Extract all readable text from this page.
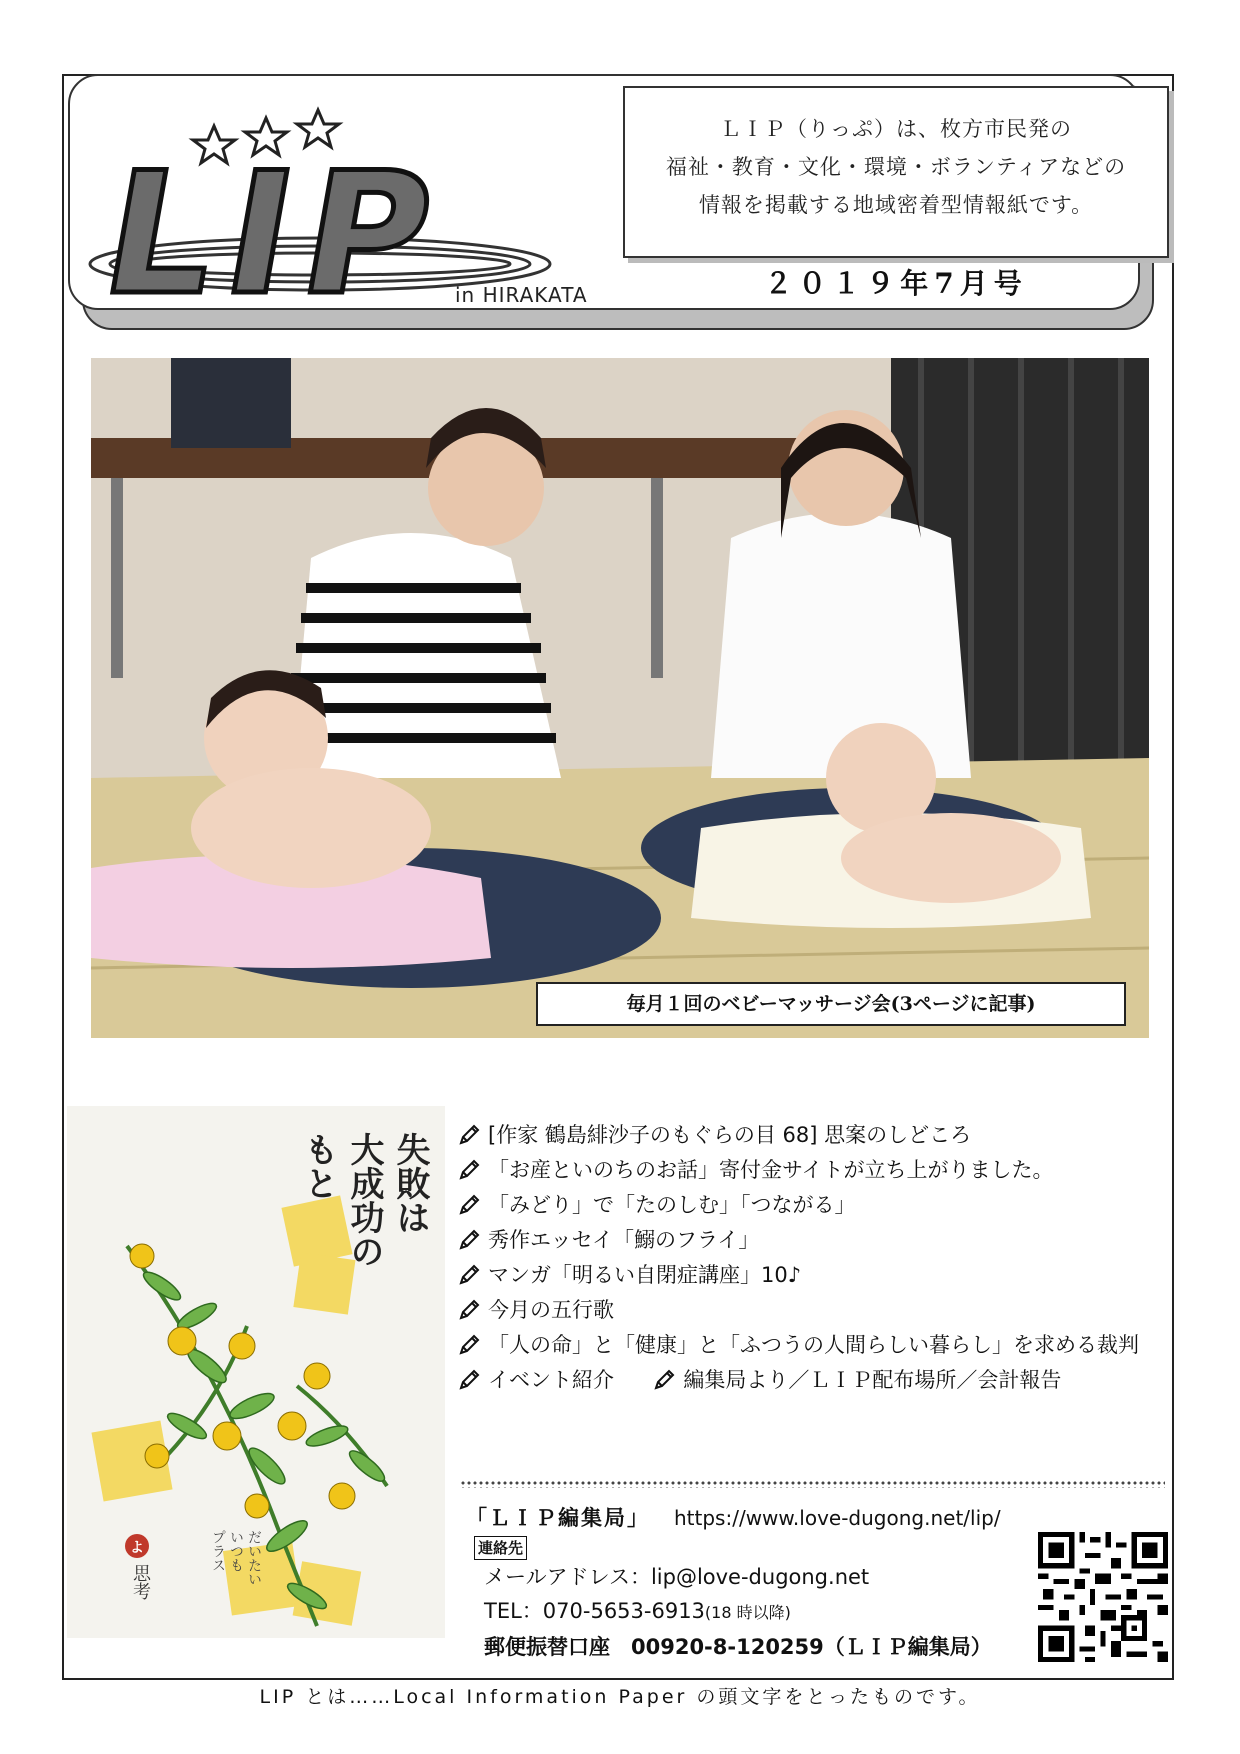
LIP
in HIRAKATA
ＬＩＰ（りっぷ）は、枚方市民発の
福祉・教育・文化・環境・ボランティアなどの
情報を掲載する地域密着型情報紙です。
２０１９年7月号
毎月１回のベビーマッサージ会(3ページに記事)
失敗は
大成功の
もと
だいたい
いつも
プラス
よ
思考
[作家 鶴島緋沙子のもぐらの目 68] 思案のしどころ
「お産といのちのお話」寄付金サイトが立ち上がりました。
「みどり」で「たのしむ」「つながる」
秀作エッセイ「鰯のフライ」
マンガ「明るい自閉症講座」10♪
今月の五行歌
「人の命」と「健康」と「ふつうの人間らしい暮らし」を求める裁判
イベント紹介	編集局より／ＬＩＰ配布場所／会計報告
「ＬＩＰ編集局」 https://www.love-dugong.net/lip/
連絡先
メールアドレス：lip@love-dugong.net
TEL：070-5653-6913(18 時以降)
郵便振替口座　00920-8-120259（ＬＩＰ編集局）
LIP とは……Local Information Paper の頭文字をとったものです。
